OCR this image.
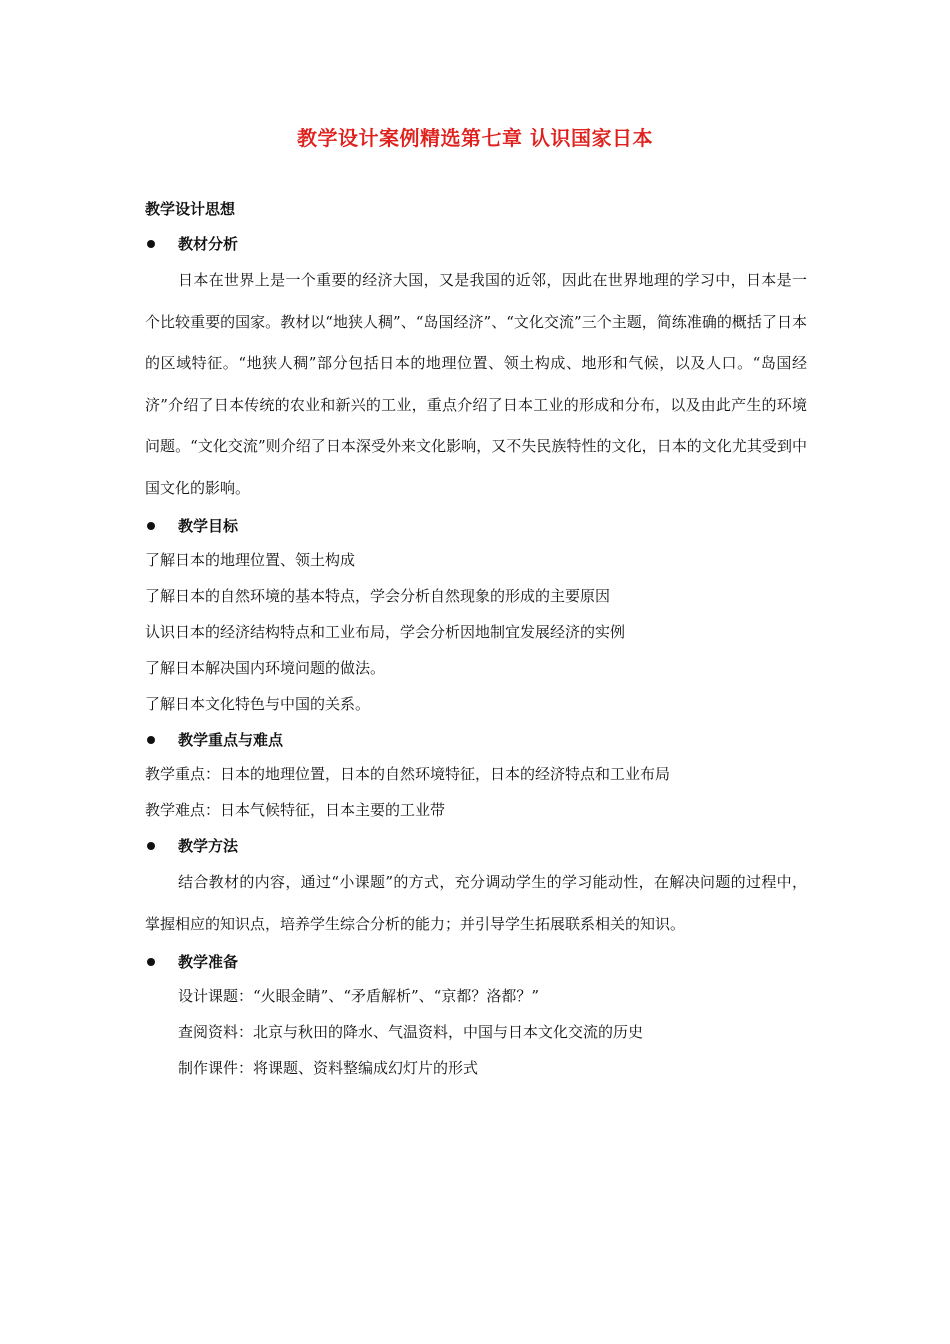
教学设计案例精选第七章 认识国家日本
教学设计思想
教材分析
日本在世界上是一个重要的经济大国，又是我国的近邻，因此在世界地理的学习中，日本是一个比较重要的国家。教材以“地狭人稠”、“岛国经济”、“文化交流”三个主题，简练准确的概括了日本的区域特征。“地狭人稠”部分包括日本的地理位置、领土构成、地形和气候，以及人口。“岛国经济”介绍了日本传统的农业和新兴的工业，重点介绍了日本工业的形成和分布，以及由此产生的环境问题。“文化交流”则介绍了日本深受外来文化影响，又不失民族特性的文化，日本的文化尤其受到中国文化的影响。
教学目标
了解日本的地理位置、领土构成
了解日本的自然环境的基本特点，学会分析自然现象的形成的主要原因
认识日本的经济结构特点和工业布局，学会分析因地制宜发展经济的实例
了解日本解决国内环境问题的做法。
了解日本文化特色与中国的关系。
教学重点与难点
教学重点：日本的地理位置，日本的自然环境特征，日本的经济特点和工业布局
教学难点：日本气候特征，日本主要的工业带
教学方法
结合教材的内容，通过“小课题”的方式，充分调动学生的学习能动性，在解决问题的过程中，掌握相应的知识点，培养学生综合分析的能力；并引导学生拓展联系相关的知识。
教学准备
设计课题：“火眼金睛”、“矛盾解析”、“京都？洛都？”
查阅资料：北京与秋田的降水、气温资料，中国与日本文化交流的历史
制作课件：将课题、资料整编成幻灯片的形式
